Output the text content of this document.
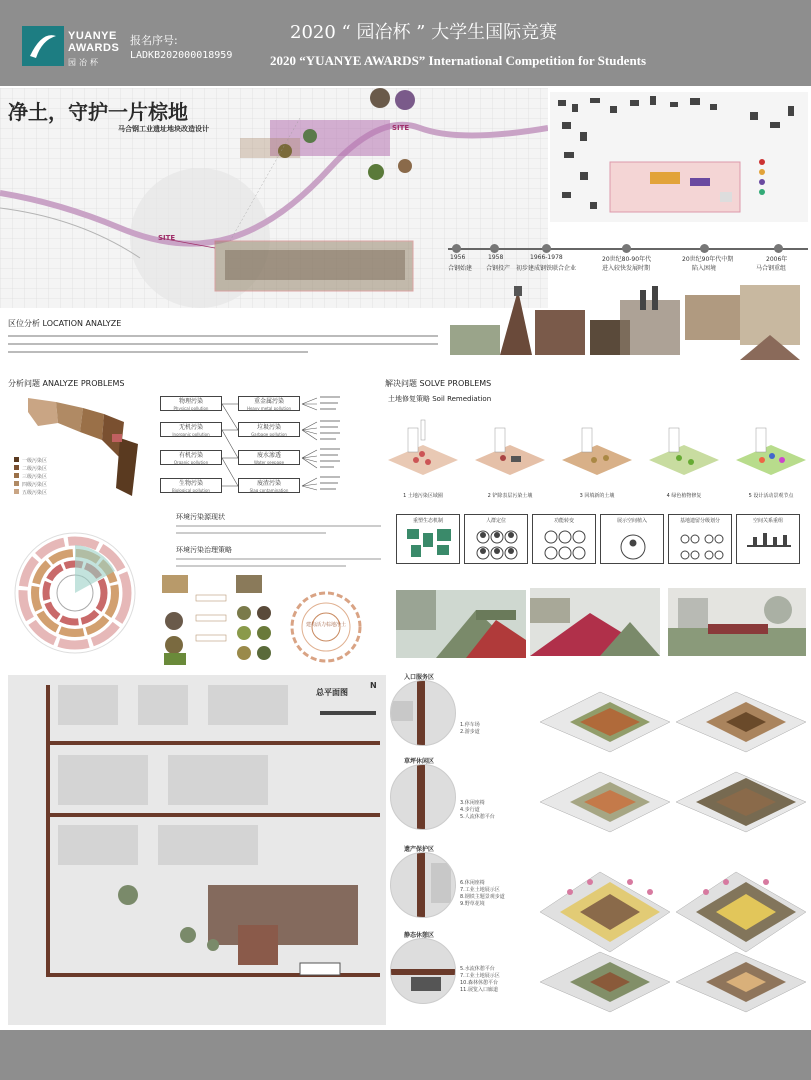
YUANYE
AWARDS
园冶杯
报名序号:
LADKB202000018959
2020 “ 园冶杯 ” 大学生国际竞赛
2020 “YUANYE AWARDS” International Competition for Students
净土，守护一片棕地
马合钢工业遗址地块改造设计
SITE
SITE
1956
合钢始建
1958
合钢投产
1966-1978
初步建成钢铁联合企业
20世纪80-90年代
进入较快发展时期
20世纪90年代中期
陷入困境
2006年
马合钢重组
区位分析 LOCATION ANALYZE
分析问题 ANALYZE PROBLEMS
一级污染区
二级污染区
三级污染区
四级污染区
五级污染区
物理污染
Physical pollution
无机污染
Inorganic pollution
有机污染
Organic pollution
生物污染
Biological pollution
重金属污染
Heavy metal pollution
垃圾污染
Garbage pollution
废水渗透
Water seepage
废渣污染
Slag contamination
环境污染源现状
环境污染治理策略
建构活力棕地净土
解决问题 SOLVE PROBLEMS
土地修复策略 Soil Remediation
1 土地污染区域圈	2 铲除表层污染土壤	3 回填新的土壤	4 绿色植物修复	5 设计活动景观节点
重塑生态机制	人群定位	功能转变	展示空间植入	基地遗留分级划分	空间关系重组
总平面图
N
入口服务区
1.停车场
2.游步道
草坪休闲区
3.休闲座椅
4.步行道
5.人流休憩平台
遗产保护区
6.休闲座椅
7.工业土地展示区
8.钢铁主题景观步道
9.野草花境
静态休憩区
5.水流休憩平台
7.工业土地展示区
10.森林休憩平台
11.展览入口廊道
